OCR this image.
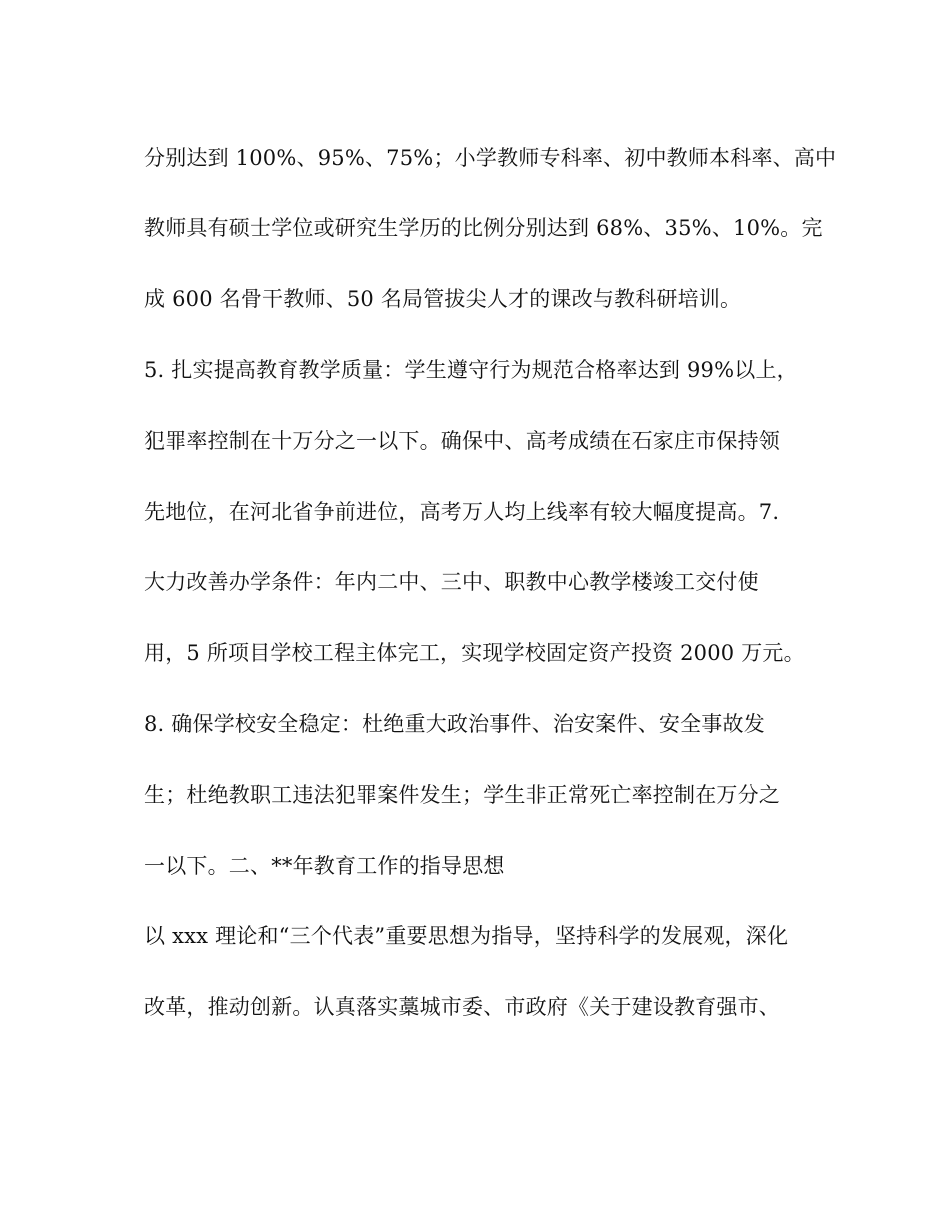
分别达到 100%、95%、75%；小学教师专科率、初中教师本科率、高中
教师具有硕士学位或研究生学历的比例分别达到 68%、35%、10%。完
成 600 名骨干教师、50 名局管拔尖人才的课改与教科研培训。
5. 扎实提高教育教学质量：学生遵守行为规范合格率达到 99%以上，
犯罪率控制在十万分之一以下。确保中、高考成绩在石家庄市保持领
先地位，在河北省争前进位，高考万人均上线率有较大幅度提高。7.
大力改善办学条件：年内二中、三中、职教中心教学楼竣工交付使
用，5 所项目学校工程主体完工，实现学校固定资产投资 2000 万元。
8. 确保学校安全稳定：杜绝重大政治事件、治安案件、安全事故发
生；杜绝教职工违法犯罪案件发生；学生非正常死亡率控制在万分之
一以下。二、**年教育工作的指导思想
以 xxx 理论和“三个代表”重要思想为指导，坚持科学的发展观，深化
改革，推动创新。认真落实藁城市委、市政府《关于建设教育强市、
